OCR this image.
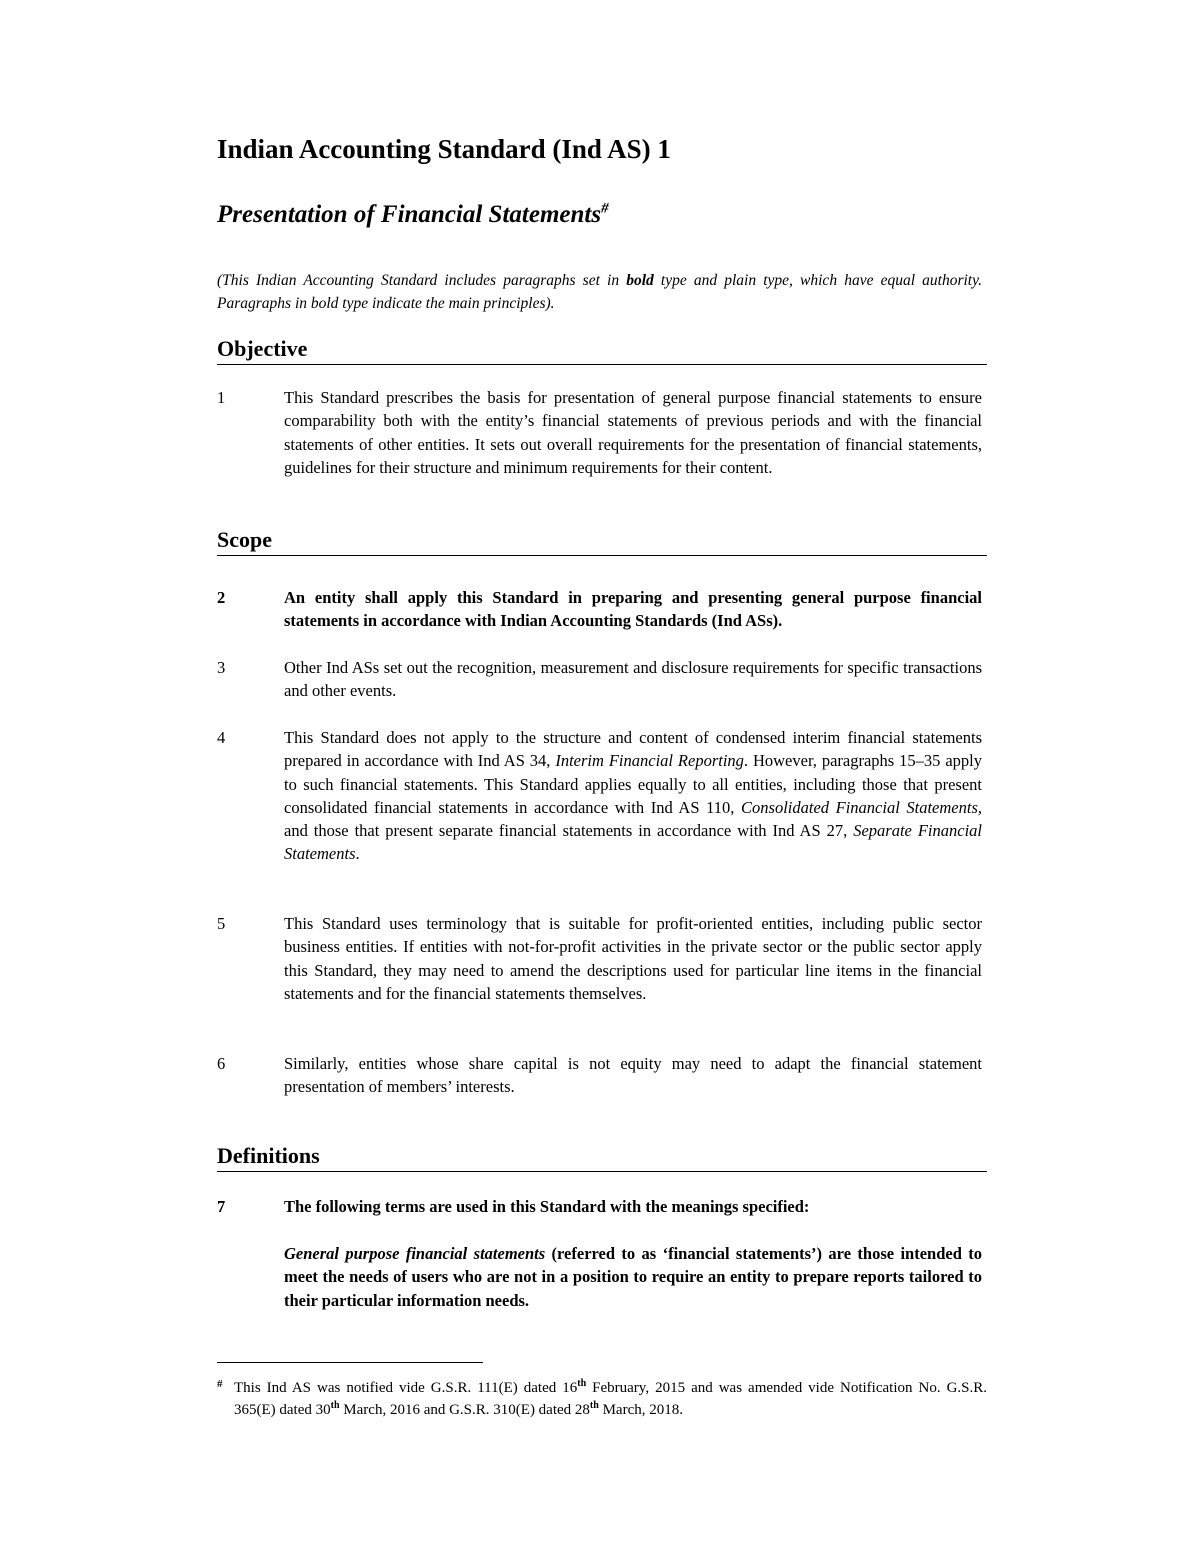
Indian Accounting Standard (Ind AS) 1
Presentation of Financial Statements#
(This Indian Accounting Standard includes paragraphs set in bold type and plain type, which have equal authority. Paragraphs in bold type indicate the main principles).
Objective
1	This Standard prescribes the basis for presentation of general purpose financial statements to ensure comparability both with the entity’s financial statements of previous periods and with the financial statements of other entities. It sets out overall requirements for the presentation of financial statements, guidelines for their structure and minimum requirements for their content.
Scope
2	An entity shall apply this Standard in preparing and presenting general purpose financial statements in accordance with Indian Accounting Standards (Ind ASs).
3	Other Ind ASs set out the recognition, measurement and disclosure requirements for specific transactions and other events.
4	This Standard does not apply to the structure and content of condensed interim financial statements prepared in accordance with Ind AS 34, Interim Financial Reporting. However, paragraphs 15–35 apply to such financial statements. This Standard applies equally to all entities, including those that present consolidated financial statements in accordance with Ind AS 110, Consolidated Financial Statements, and those that present separate financial statements in accordance with Ind AS 27, Separate Financial Statements.
5	This Standard uses terminology that is suitable for profit-oriented entities, including public sector business entities. If entities with not-for-profit activities in the private sector or the public sector apply this Standard, they may need to amend the descriptions used for particular line items in the financial statements and for the financial statements themselves.
6	Similarly, entities whose share capital is not equity may need to adapt the financial statement presentation of members’ interests.
Definitions
7	The following terms are used in this Standard with the meanings specified:
General purpose financial statements (referred to as ‘financial statements’) are those intended to meet the needs of users who are not in a position to require an entity to prepare reports tailored to their particular information needs.
# This Ind AS was notified vide G.S.R. 111(E) dated 16th February, 2015 and was amended vide Notification No. G.S.R. 365(E) dated 30th March, 2016 and G.S.R. 310(E) dated 28th March, 2018.
